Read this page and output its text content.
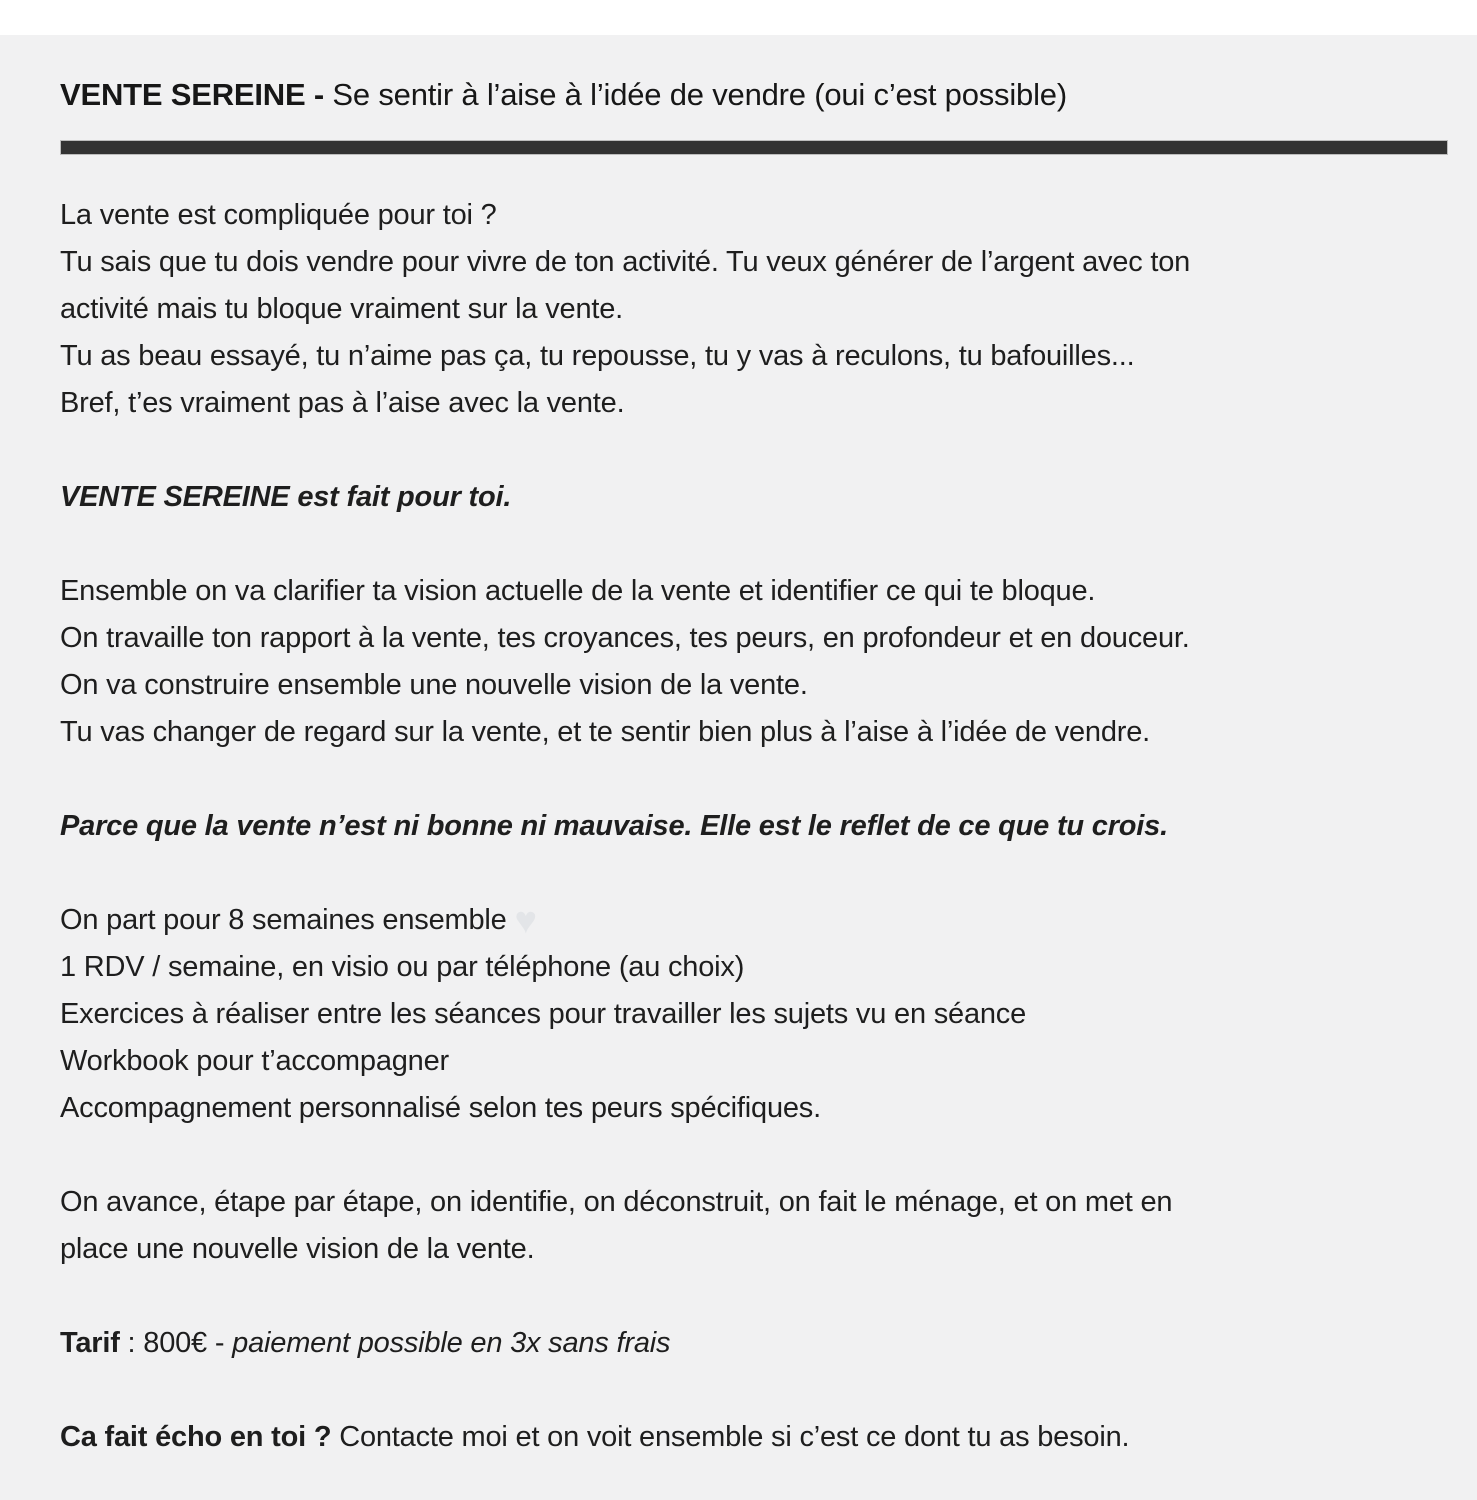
VENTE SEREINE - Se sentir à l’aise à l’idée de vendre (oui c’est possible)

La vente est compliquée pour toi ?
Tu sais que tu dois vendre pour vivre de ton activité. Tu veux générer de l’argent avec ton
activité mais tu bloque vraiment sur la vente.
Tu as beau essayé, tu n’aime pas ça, tu repousse, tu y vas à reculons, tu bafouilles...
Bref, t’es vraiment pas à l’aise avec la vente.

VENTE SEREINE est fait pour toi.

Ensemble on va clarifier ta vision actuelle de la vente et identifier ce qui te bloque.
On travaille ton rapport à la vente, tes croyances, tes peurs, en profondeur et en douceur.
On va construire ensemble une nouvelle vision de la vente.
Tu vas changer de regard sur la vente, et te sentir bien plus à l’aise à l’idée de vendre.

Parce que la vente n’est ni bonne ni mauvaise. Elle est le reflet de ce que tu crois.

On part pour 8 semaines ensemble ♥
1 RDV / semaine, en visio ou par téléphone (au choix)
Exercices à réaliser entre les séances pour travailler les sujets vu en séance
Workbook pour t’accompagner
Accompagnement personnalisé selon tes peurs spécifiques.

On avance, étape par étape, on identifie, on déconstruit, on fait le ménage, et on met en
place une nouvelle vision de la vente.

Tarif : 800€ - paiement possible en 3x sans frais

Ca fait écho en toi ? Contacte moi et on voit ensemble si c’est ce dont tu as besoin.
